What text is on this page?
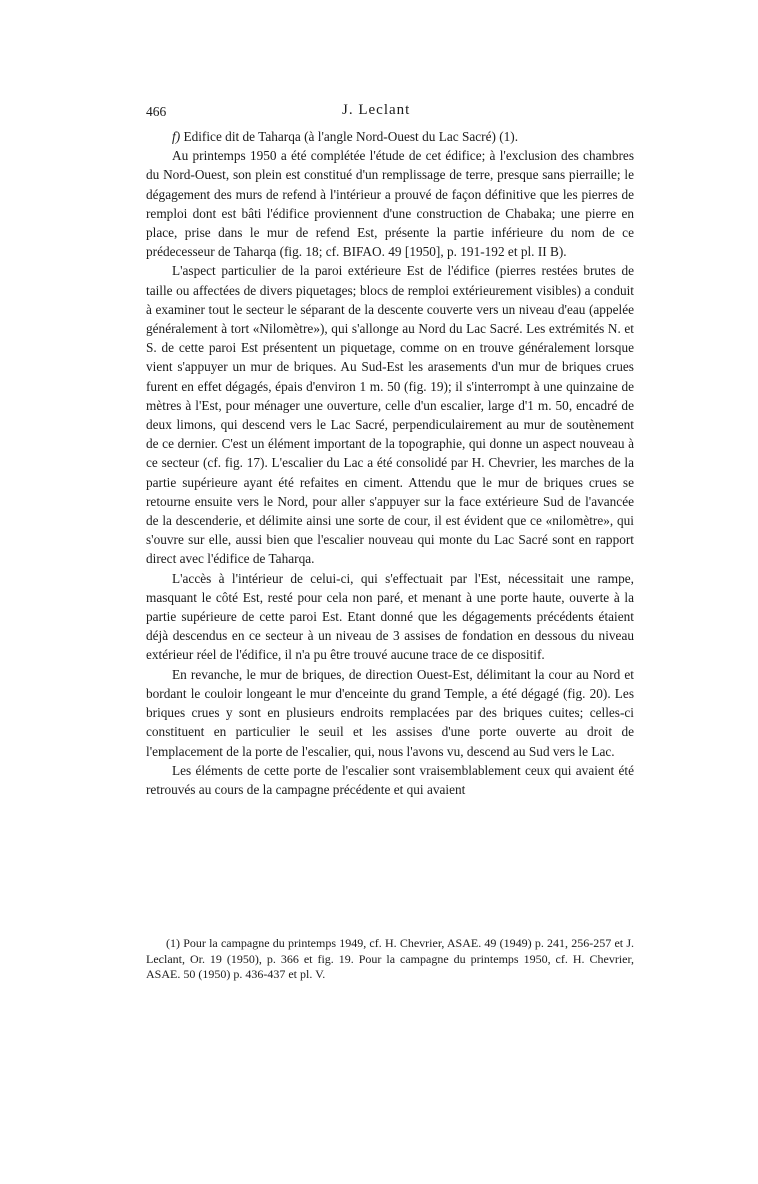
466	J. Leclant

f) Edifice dit de Taharqa (à l'angle Nord-Ouest du Lac Sacré) (1).

Au printemps 1950 a été complétée l'étude de cet édifice; à l'exclusion des chambres du Nord-Ouest, son plein est constitué d'un remplissage de terre, presque sans pierraille; le dégagement des murs de refend à l'intérieur a prouvé de façon définitive que les pierres de remploi dont est bâti l'édifice proviennent d'une construction de Chabaka; une pierre en place, prise dans le mur de refend Est, présente la partie inférieure du nom de ce prédecesseur de Taharqa (fig. 18; cf. BIFAO. 49 [1950], p. 191-192 et pl. II B).

L'aspect particulier de la paroi extérieure Est de l'édifice (pierres restées brutes de taille ou affectées de divers piquetages; blocs de remploi extérieurement visibles) a conduit à examiner tout le secteur le séparant de la descente couverte vers un niveau d'eau (appelée généralement à tort «Nilomètre»), qui s'allonge au Nord du Lac Sacré. Les extrémités N. et S. de cette paroi Est présentent un piquetage, comme on en trouve généralement lorsque vient s'appuyer un mur de briques. Au Sud-Est les arasements d'un mur de briques crues furent en effet dégagés, épais d'environ 1 m. 50 (fig. 19); il s'interrompt à une quinzaine de mètres à l'Est, pour ménager une ouverture, celle d'un escalier, large d'1 m. 50, encadré de deux limons, qui descend vers le Lac Sacré, perpendiculairement au mur de soutènement de ce dernier. C'est un élément important de la topographie, qui donne un aspect nouveau à ce secteur (cf. fig. 17). L'escalier du Lac a été consolidé par H. Chevrier, les marches de la partie supérieure ayant été refaites en ciment. Attendu que le mur de briques crues se retourne ensuite vers le Nord, pour aller s'appuyer sur la face extérieure Sud de l'avancée de la descenderie, et délimite ainsi une sorte de cour, il est évident que ce «nilomètre», qui s'ouvre sur elle, aussi bien que l'escalier nouveau qui monte du Lac Sacré sont en rapport direct avec l'édifice de Taharqa.

L'accès à l'intérieur de celui-ci, qui s'effectuait par l'Est, nécessitait une rampe, masquant le côté Est, resté pour cela non paré, et menant à une porte haute, ouverte à la partie supérieure de cette paroi Est. Etant donné que les dégagements précédents étaient déjà descendus en ce secteur à un niveau de 3 assises de fondation en dessous du niveau extérieur réel de l'édifice, il n'a pu être trouvé aucune trace de ce dispositif.

En revanche, le mur de briques, de direction Ouest-Est, délimitant la cour au Nord et bordant le couloir longeant le mur d'enceinte du grand Temple, a été dégagé (fig. 20). Les briques crues y sont en plusieurs endroits remplacées par des briques cuites; celles-ci constituent en particulier le seuil et les assises d'une porte ouverte au droit de l'emplacement de la porte de l'escalier, qui, nous l'avons vu, descend au Sud vers le Lac.

Les éléments de cette porte de l'escalier sont vraisemblablement ceux qui avaient été retrouvés au cours de la campagne précédente et qui avaient

(1) Pour la campagne du printemps 1949, cf. H. Chevrier, ASAE. 49 (1949) p. 241, 256-257 et J. Leclant, Or. 19 (1950), p. 366 et fig. 19. Pour la campagne du printemps 1950, cf. H. Chevrier, ASAE. 50 (1950) p. 436-437 et pl. V.
